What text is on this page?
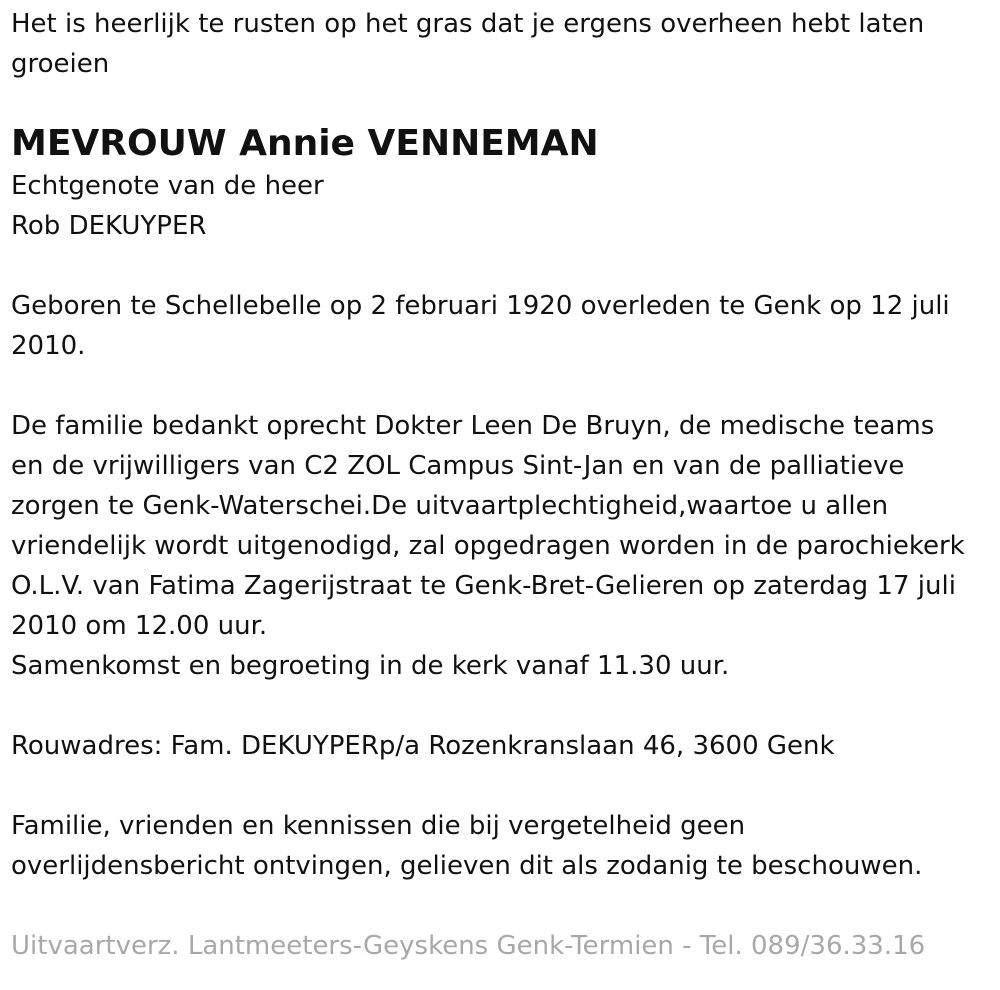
Het is heerlijk te rusten op het gras dat je ergens overheen hebt laten
groeien

MEVROUW Annie VENNEMAN

Echtgenote van de heer

Rob DEKUYPER

Geboren te Schellebelle op 2 februari 1920 overleden te Genk op 12 juli
2010.

De familie bedankt oprecht Dokter Leen De Bruyn, de medische teams
en de vrijwilligers van C2 ZOL Campus Sint-Jan en van de palliatieve
zorgen te Genk-Waterschei.De uitvaartplechtigheid,waartoe u allen
vriendelijk wordt uitgenodigd, zal opgedragen worden in de parochiekerk
O.L.V. van Fatima Zagerijstraat te Genk-Bret-Gelieren op zaterdag 17 juli
2010 om 12.00 uur.

Samenkomst en begroeting in de kerk vanaf 11.30 uur.

Rouwadres: Fam. DEKUYPERp/a Rozenkranslaan 46, 3600 Genk

Familie, vrienden en kennissen die bij vergetelheid geen
overlijdensbericht ontvingen, gelieven dit als zodanig te beschouwen.

Uitvaartverz. Lantmeeters-Geyskens Genk-Termien - Tel. 089/36.33.16
